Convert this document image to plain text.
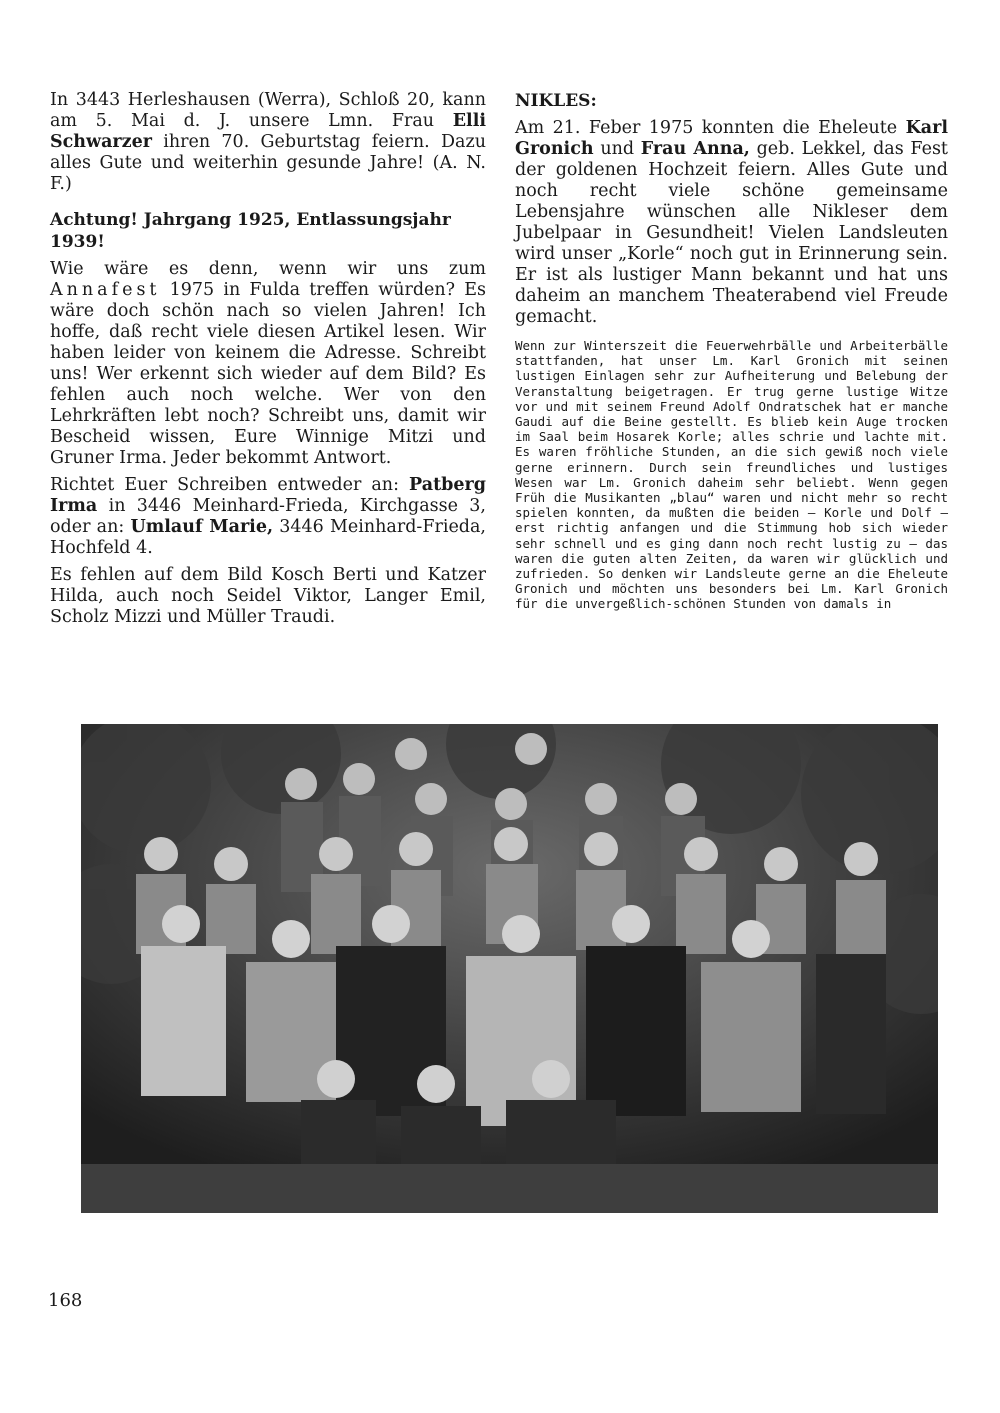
In 3443 Herleshausen (Werra), Schloß 20, kann am 5. Mai d. J. unsere Lmn. Frau Elli Schwarzer ihren 70. Geburtstag feiern. Dazu alles Gute und weiterhin gesunde Jahre! (A. N. F.)

Achtung! Jahrgang 1925, Entlassungsjahr 1939!

Wie wäre es denn, wenn wir uns zum Annafest 1975 in Fulda treffen würden? Es wäre doch schön nach so vielen Jahren! Ich hoffe, daß recht viele diesen Artikel lesen. Wir haben leider von keinem die Adresse. Schreibt uns! Wer erkennt sich wieder auf dem Bild? Es fehlen auch noch welche. Wer von den Lehrkräften lebt noch? Schreibt uns, damit wir Bescheid wissen, Eure Winnige Mitzi und Gruner Irma. Jeder bekommt Antwort.

Richtet Euer Schreiben entweder an: Patberg Irma in 3446 Meinhard-Frieda, Kirchgasse 3, oder an: Umlauf Marie, 3446 Meinhard-Frieda, Hochfeld 4.

Es fehlen auf dem Bild Kosch Berti und Katzer Hilda, auch noch Seidel Viktor, Langer Emil, Scholz Mizzi und Müller Traudi.

NIKLES:

Am 21. Feber 1975 konnten die Eheleute Karl Gronich und Frau Anna, geb. Lekkel, das Fest der goldenen Hochzeit feiern. Alles Gute und noch recht viele schöne gemeinsame Lebensjahre wünschen alle Nikleser dem Jubelpaar in Gesundheit! Vielen Landsleuten wird unser „Korle“ noch gut in Erinnerung sein. Er ist als lustiger Mann bekannt und hat uns daheim an manchem Theaterabend viel Freude gemacht.

Wenn zur Winterszeit die Feuerwehrbälle und Arbeiterbälle stattfanden, hat unser Lm. Karl Gronich mit seinen lustigen Einlagen sehr zur Aufheiterung und Belebung der Veranstaltung beigetragen. Er trug gerne lustige Witze vor und mit seinem Freund Adolf Ondratschek hat er manche Gaudi auf die Beine gestellt. Es blieb kein Auge trocken im Saal beim Hosarek Korle; alles schrie und lachte mit. Es waren fröhliche Stunden, an die sich gewiß noch viele gerne erinnern. Durch sein freundliches und lustiges Wesen war Lm. Gronich daheim sehr beliebt. Wenn gegen Früh die Musikanten „blau“ waren und nicht mehr so recht spielen konnten, da mußten die beiden — Korle und Dolf — erst richtig anfangen und die Stimmung hob sich wieder sehr schnell und es ging dann noch recht lustig zu — das waren die guten alten Zeiten, da waren wir glücklich und zufrieden. So denken wir Landsleute gerne an die Eheleute Gronich und möchten uns besonders bei Lm. Karl Gronich für die unvergeßlich-schönen Stunden von damals in

168
